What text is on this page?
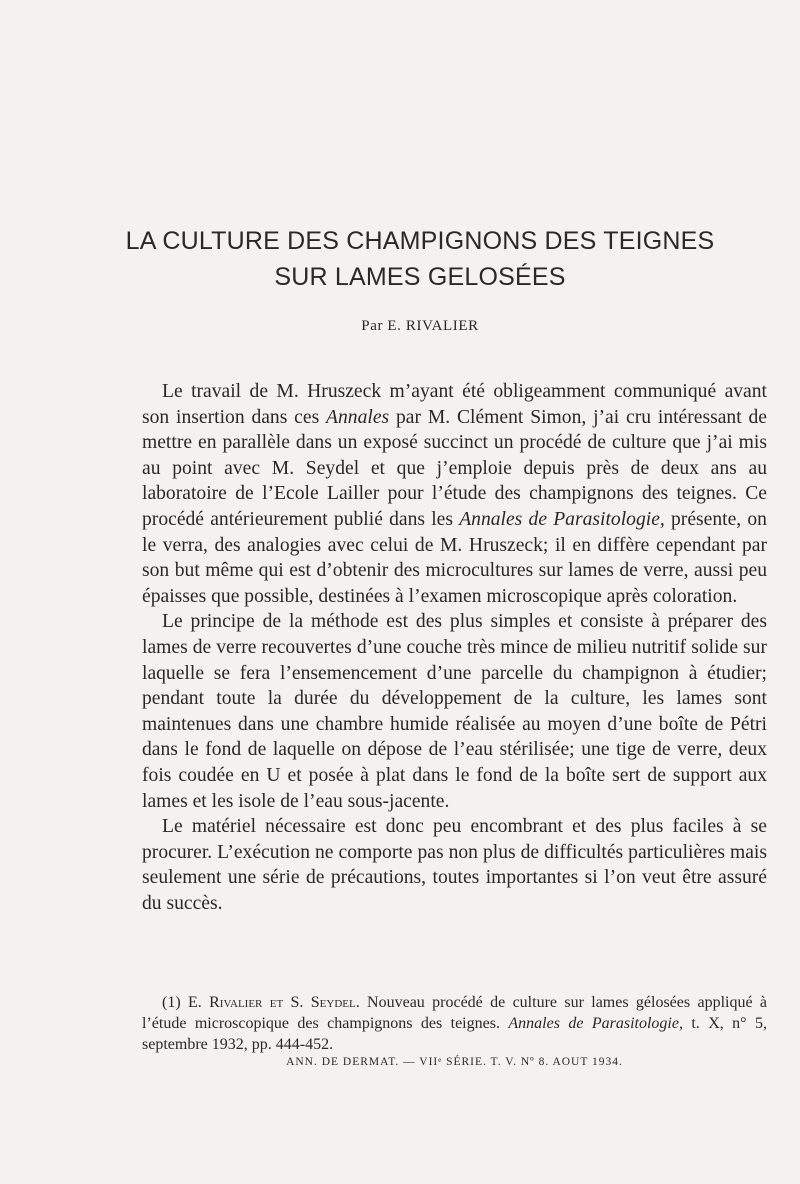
LA CULTURE DES CHAMPIGNONS DES TEIGNES
SUR LAMES GELOSÉES
Par E. RIVALIER

Le travail de M. Hruszeck m’ayant été obligeamment communiqué avant son insertion dans ces Annales par M. Clément Simon, j’ai cru intéressant de mettre en parallèle dans un exposé succinct un procédé de culture que j’ai mis au point avec M. Seydel et que j’emploie depuis près de deux ans au laboratoire de l’Ecole Lailler pour l’étude des champignons des teignes. Ce procédé antérieurement publié dans les Annales de Parasitologie, présente, on le verra, des analogies avec celui de M. Hruszeck; il en diffère cependant par son but même qui est d’obtenir des microcultures sur lames de verre, aussi peu épaisses que possible, destinées à l’examen microscopique après coloration.

Le principe de la méthode est des plus simples et consiste à préparer des lames de verre recouvertes d’une couche très mince de milieu nutritif solide sur laquelle se fera l’ensemencement d’une parcelle du champignon à étudier; pendant toute la durée du développement de la culture, les lames sont maintenues dans une chambre humide réalisée au moyen d’une boîte de Pétri dans le fond de laquelle on dépose de l’eau stérilisée; une tige de verre, deux fois coudée en U et posée à plat dans le fond de la boîte sert de support aux lames et les isole de l’eau sous-jacente.

Le matériel nécessaire est donc peu encombrant et des plus faciles à se procurer. L’exécution ne comporte pas non plus de difficultés particulières mais seulement une série de précautions, toutes importantes si l’on veut être assuré du succès.

(1) E. Rivalier et S. Seydel. Nouveau procédé de culture sur lames gélosées appliqué à l’étude microscopique des champignons des teignes. Annales de Parasitologie, t. X, n° 5, septembre 1932, pp. 444-452.

ANN. DE DERMAT. — VIIᵉ SÉRIE. T. V. Nº 8. AOUT 1934.
